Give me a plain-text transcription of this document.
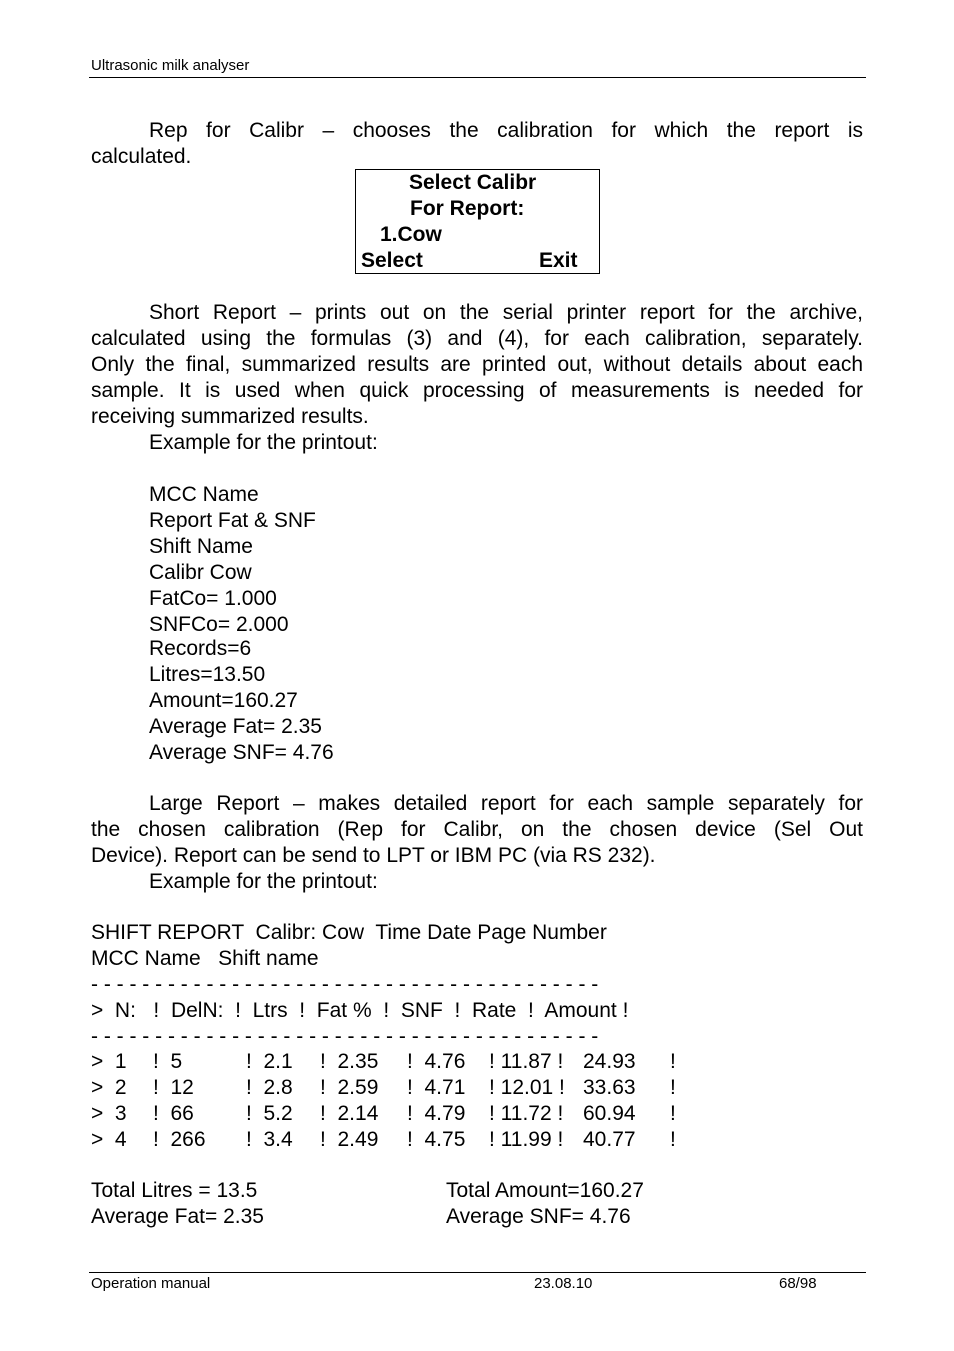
Ultrasonic milk analyser
Rep for Calibr – chooses the calibration for which the report is
calculated.
Select Calibr
For Report:
1.Cow
Select	Exit
Short Report – prints out on the serial printer report for the archive,
calculated using the formulas (3) and (4), for each calibration, separately.
Only the final, summarized results are printed out, without details about each
sample. It is used when quick processing of measurements is needed for
receiving summarized results.
Example for the printout:
MCC Name
Report Fat & SNF
Shift Name
Calibr Cow
FatCo= 1.000
SNFCo= 2.000
Records=6
Litres=13.50
Amount=160.27
Average Fat= 2.35
Average SNF= 4.76
Large Report – makes detailed report for each sample separately for
the chosen calibration (Rep for Calibr, on the chosen device (Sel Out
Device). Report can be send to LPT or IBM PC (via RS 232).
Example for the printout:
SHIFT REPORT  Calibr: Cow  Time Date Page Number
MCC Name   Shift name
- - - - - - - - - - - - - - - - - - - - - - - - - - - - - - - - - - - - - - - -
>  N:   !  DelN:  !  Ltrs  !  Fat %  !  SNF  !  Rate  !  Amount !
- - - - - - - - - - - - - - - - - - - - - - - - - - - - - - - - - - - - - - - -
>  1 !  5	!  2.1 !  2.35 !  4.76 ! 11.87 ! 24.93 !
>  2 !  12 !  2.8 !  2.59 !  4.71 ! 12.01 ! 33.63 !
>  3 !  66 !  5.2 !  2.14 !  4.79 ! 11.72 ! 60.94 !
>  4 !  266 !  3.4 !  2.49 !  4.75 ! 11.99 ! 40.77 !
Total Litres = 13.5	Total Amount=160.27
Average Fat= 2.35	Average SNF= 4.76
Operation manual	23.08.10	68/98
